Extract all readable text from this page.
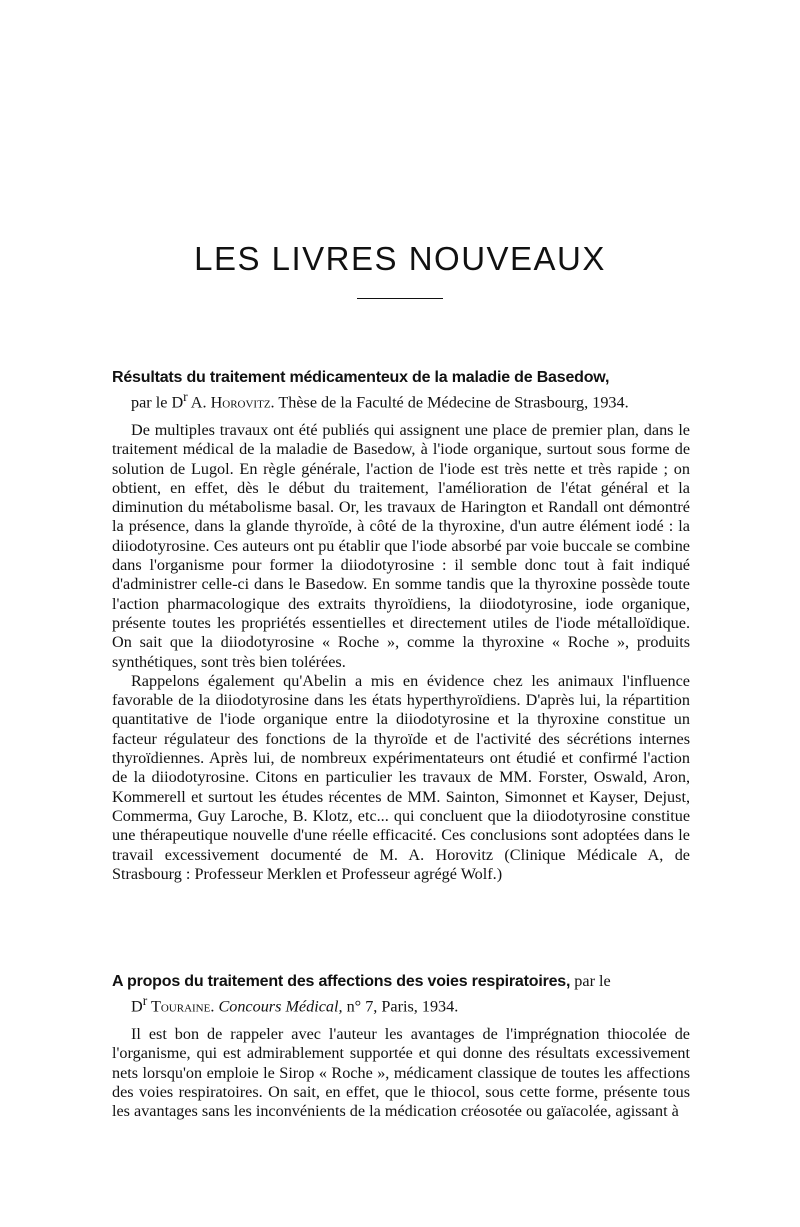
LES LIVRES NOUVEAUX

Résultats du traitement médicamenteux de la maladie de Basedow,
par le $D^r$ A. Horovitz. Thèse de la Faculté de Médecine de Strasbourg, 1934.

De multiples travaux ont été publiés qui assignent une place de premier plan, dans le traitement médical de la maladie de Basedow, à l'iode organique, surtout sous forme de solution de Lugol. En règle générale, l'action de l'iode est très nette et très rapide ; on obtient, en effet, dès le début du traitement, l'amélioration de l'état général et la diminution du métabolisme basal. Or, les travaux de Harington et Randall ont démontré la présence, dans la glande thyroïde, à côté de la thyroxine, d'un autre élément iodé : la diiodotyrosine. Ces auteurs ont pu établir que l'iode absorbé par voie buccale se combine dans l'organisme pour former la diiodotyrosine : il semble donc tout à fait indiqué d'administrer celle-ci dans le Basedow. En somme tandis que la thyroxine possède toute l'action pharmacologique des extraits thyroïdiens, la diiodotyrosine, iode organique, présente toutes les propriétés essentielles et directement utiles de l'iode métalloïdique. On sait que la diiodotyrosine « Roche », comme la thyroxine « Roche », produits synthétiques, sont très bien tolérées.

Rappelons également qu'Abelin a mis en évidence chez les animaux l'influence favorable de la diiodotyrosine dans les états hyperthyroïdiens. D'après lui, la répartition quantitative de l'iode organique entre la diiodotyrosine et la thyroxine constitue un facteur régulateur des fonctions de la thyroïde et de l'activité des sécrétions internes thyroïdiennes. Après lui, de nombreux expérimentateurs ont étudié et confirmé l'action de la diiodotyrosine. Citons en particulier les travaux de MM. Forster, Oswald, Aron, Kommerell et surtout les études récentes de MM. Sainton, Simonnet et Kayser, Dejust, Commerma, Guy Laroche, B. Klotz, etc... qui concluent que la diiodotyrosine constitue une thérapeutique nouvelle d'une réelle efficacité. Ces conclusions sont adoptées dans le travail excessivement documenté de M. A. Horovitz (Clinique Médicale A, de Strasbourg : Professeur Merklen et Professeur agrégé Wolf.)

A propos du traitement des affections des voies respiratoires, par le
$D^r$ Touraine. Concours Médical, n° 7, Paris, 1934.

Il est bon de rappeler avec l'auteur les avantages de l'imprégnation thiocolée de l'organisme, qui est admirablement supportée et qui donne des résultats excessivement nets lorsqu'on emploie le Sirop « Roche », médicament classique de toutes les affections des voies respiratoires. On sait, en effet, que le thiocol, sous cette forme, présente tous les avantages sans les inconvénients de la médication créosotée ou gaïacolée, agissant à
